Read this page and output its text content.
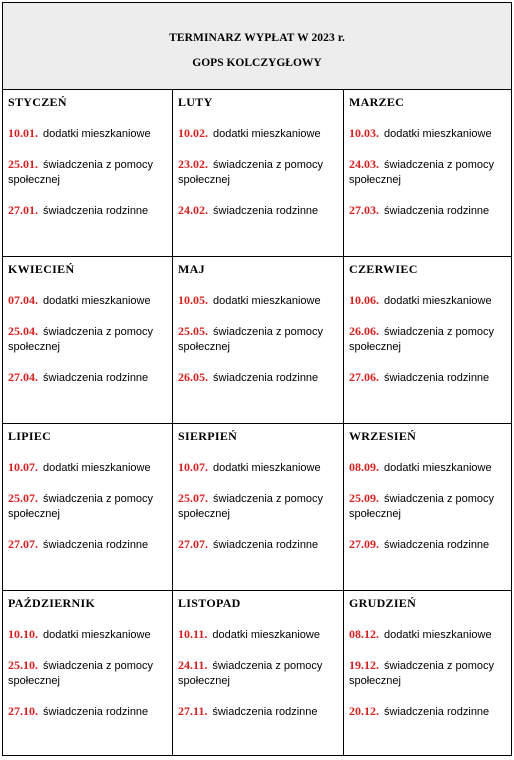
TERMINARZ WYPŁAT W 2023 r.
GOPS KOLCZYGŁOWY
STYCZEŃ
10.01. dodatki mieszkaniowe
25.01. świadczenia z pomocy społecznej
27.01. świadczenia rodzinne
LUTY
10.02. dodatki mieszkaniowe
23.02. świadczenia z pomocy społecznej
24.02. świadczenia rodzinne
MARZEC
10.03. dodatki mieszkaniowe
24.03. świadczenia z pomocy społecznej
27.03. świadczenia rodzinne
KWIECIEŃ
07.04. dodatki mieszkaniowe
25.04. świadczenia z pomocy społecznej
27.04. świadczenia rodzinne
MAJ
10.05. dodatki mieszkaniowe
25.05. świadczenia z pomocy społecznej
26.05. świadczenia rodzinne
CZERWIEC
10.06. dodatki mieszkaniowe
26.06. świadczenia z pomocy społecznej
27.06. świadczenia rodzinne
LIPIEC
10.07. dodatki mieszkaniowe
25.07. świadczenia z pomocy społecznej
27.07. świadczenia rodzinne
SIERPIEŃ
10.07. dodatki mieszkaniowe
25.07. świadczenia z pomocy społecznej
27.07. świadczenia rodzinne
WRZESIEŃ
08.09. dodatki mieszkaniowe
25.09. świadczenia z pomocy społecznej
27.09. świadczenia rodzinne
PAŹDZIERNIK
10.10. dodatki mieszkaniowe
25.10. świadczenia z pomocy społecznej
27.10. świadczenia rodzinne
LISTOPAD
10.11. dodatki mieszkaniowe
24.11. świadczenia z pomocy społecznej
27.11. świadczenia rodzinne
GRUDZIEŃ
08.12. dodatki mieszkaniowe
19.12. świadczenia z pomocy społecznej
20.12. świadczenia rodzinne
